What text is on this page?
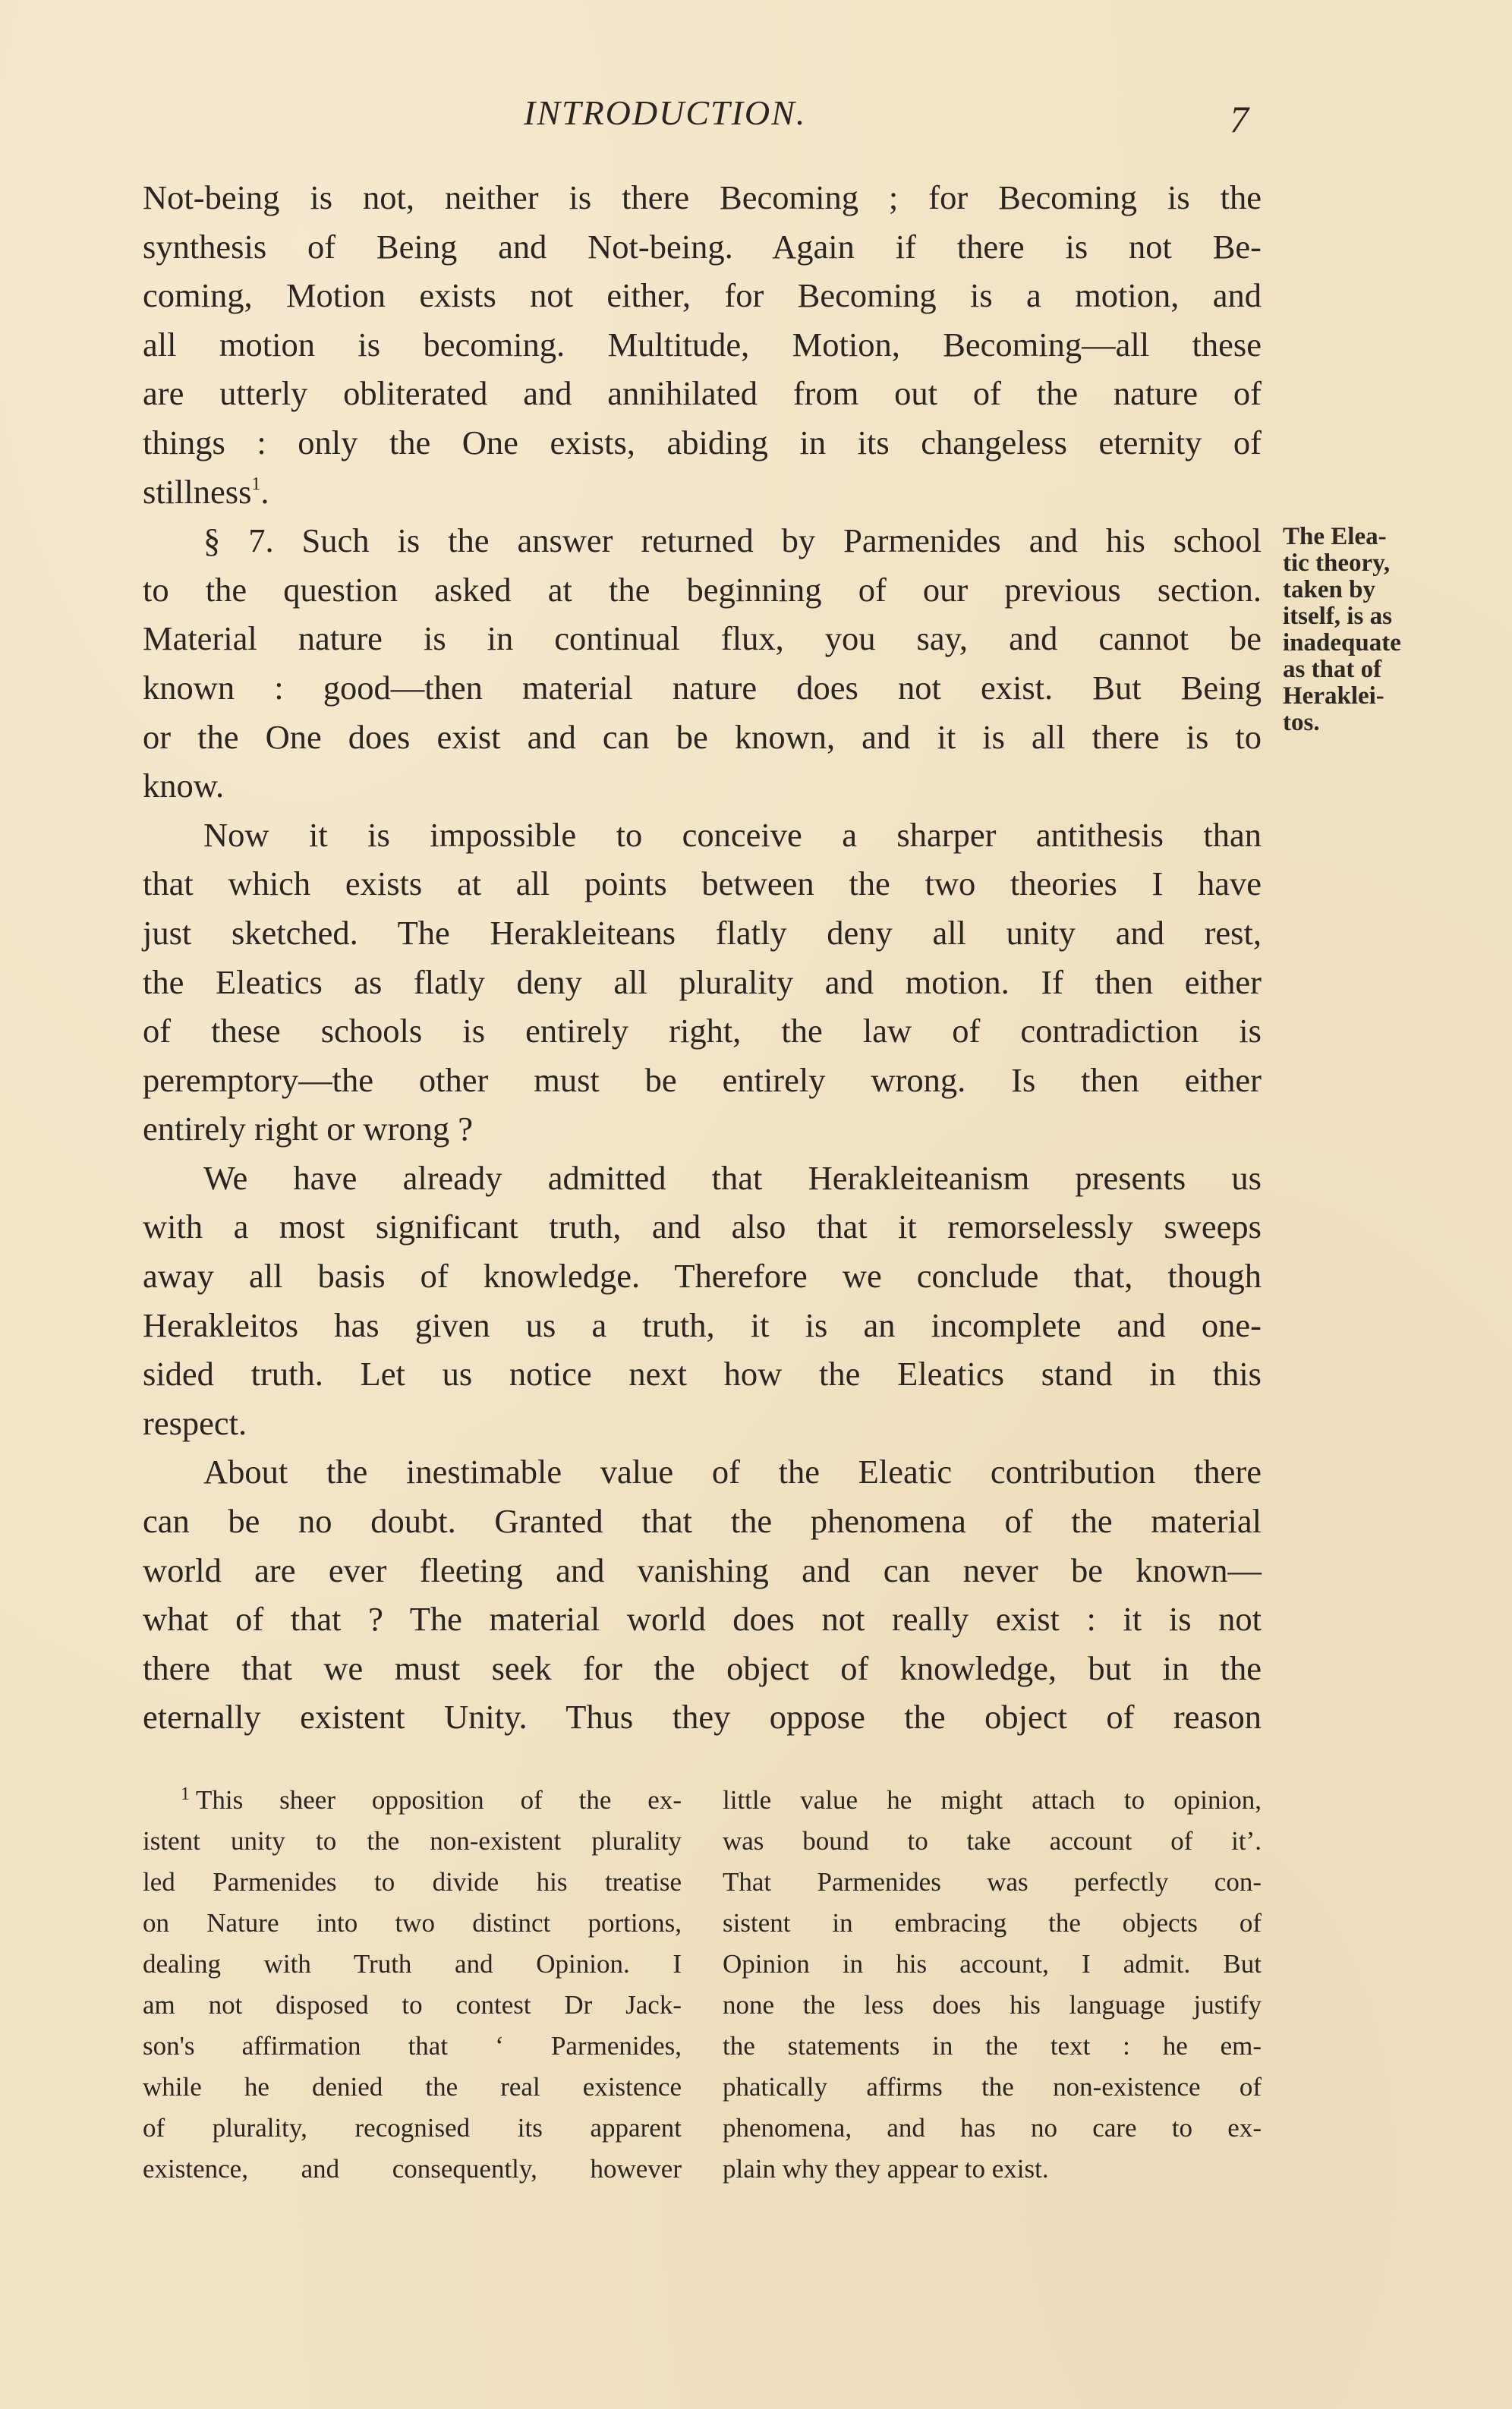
INTRODUCTION.	7

Not-being is not, neither is there Becoming ; for Becoming is the
synthesis of Being and Not-being. Again if there is not Be-
coming, Motion exists not either, for Becoming is a motion, and
all motion is becoming. Multitude, Motion, Becoming—all these
are utterly obliterated and annihilated from out of the nature of
things : only the One exists, abiding in its changeless eternity of
stillness$^1$.

§ 7. Such is the answer returned by Parmenides and his school
to the question asked at the beginning of our previous section.
Material nature is in continual flux, you say, and cannot be
known : good—then material nature does not exist. But Being
or the One does exist and can be known, and it is all there is to
know.

Now it is impossible to conceive a sharper antithesis than
that which exists at all points between the two theories I have
just sketched. The Herakleiteans flatly deny all unity and rest,
the Eleatics as flatly deny all plurality and motion. If then either
of these schools is entirely right, the law of contradiction is
peremptory—the other must be entirely wrong. Is then either
entirely right or wrong ?

We have already admitted that Herakleiteanism presents us
with a most significant truth, and also that it remorselessly sweeps
away all basis of knowledge. Therefore we conclude that, though
Herakleitos has given us a truth, it is an incomplete and one-
sided truth. Let us notice next how the Eleatics stand in this
respect.

About the inestimable value of the Eleatic contribution there
can be no doubt. Granted that the phenomena of the material
world are ever fleeting and vanishing and can never be known—
what of that ? The material world does not really exist : it is not
there that we must seek for the object of knowledge, but in the
eternally existent Unity. Thus they oppose the object of reason

The Elea-
tic theory,
taken by
itself, is as
inadequate
as that of
Heraklei-
tos.
$^1$ This sheer opposition of the ex-
istent unity to the non-existent plurality
led Parmenides to divide his treatise
on Nature into two distinct portions,
dealing with Truth and Opinion. I
am not disposed to contest Dr Jack-
son's affirmation that ‘ Parmenides,
while he denied the real existence
of plurality, recognised its apparent
existence, and consequently, however
little value he might attach to opinion,
was bound to take account of it’.
That Parmenides was perfectly con-
sistent in embracing the objects of
Opinion in his account, I admit. But
none the less does his language justify
the statements in the text : he em-
phatically affirms the non-existence of
phenomena, and has no care to ex-
plain why they appear to exist.
